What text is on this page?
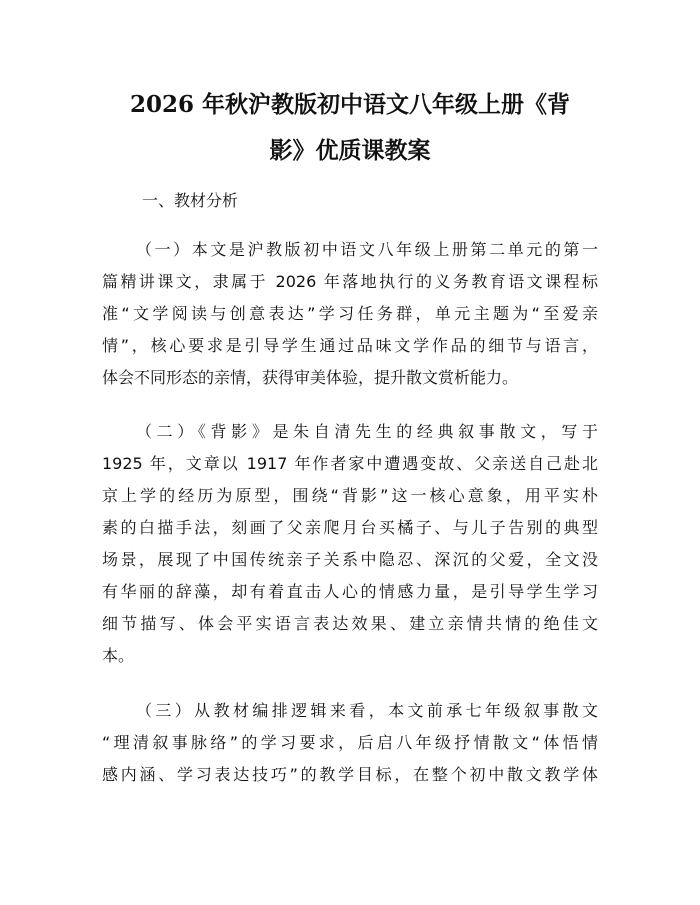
2026 年秋沪教版初中语文八年级上册《背
影》优质课教案
一、教材分析
（一）本文是沪教版初中语文八年级上册第二单元的第一
篇精讲课文，隶属于 2026 年落地执行的义务教育语文课程标
准“文学阅读与创意表达”学习任务群，单元主题为“至爱亲
情”，核心要求是引导学生通过品味文学作品的细节与语言，
体会不同形态的亲情，获得审美体验，提升散文赏析能力。
（二）《背影》是朱自清先生的经典叙事散文，写于
1925 年，文章以 1917 年作者家中遭遇变故、父亲送自己赴北
京上学的经历为原型，围绕“背影”这一核心意象，用平实朴
素的白描手法，刻画了父亲爬月台买橘子、与儿子告别的典型
场景，展现了中国传统亲子关系中隐忍、深沉的父爱，全文没
有华丽的辞藻，却有着直击人心的情感力量，是引导学生学习
细节描写、体会平实语言表达效果、建立亲情共情的绝佳文
本。
（三）从教材编排逻辑来看，本文前承七年级叙事散文
“理清叙事脉络”的学习要求，后启八年级抒情散文“体悟情
感内涵、学习表达技巧”的教学目标，在整个初中散文教学体
